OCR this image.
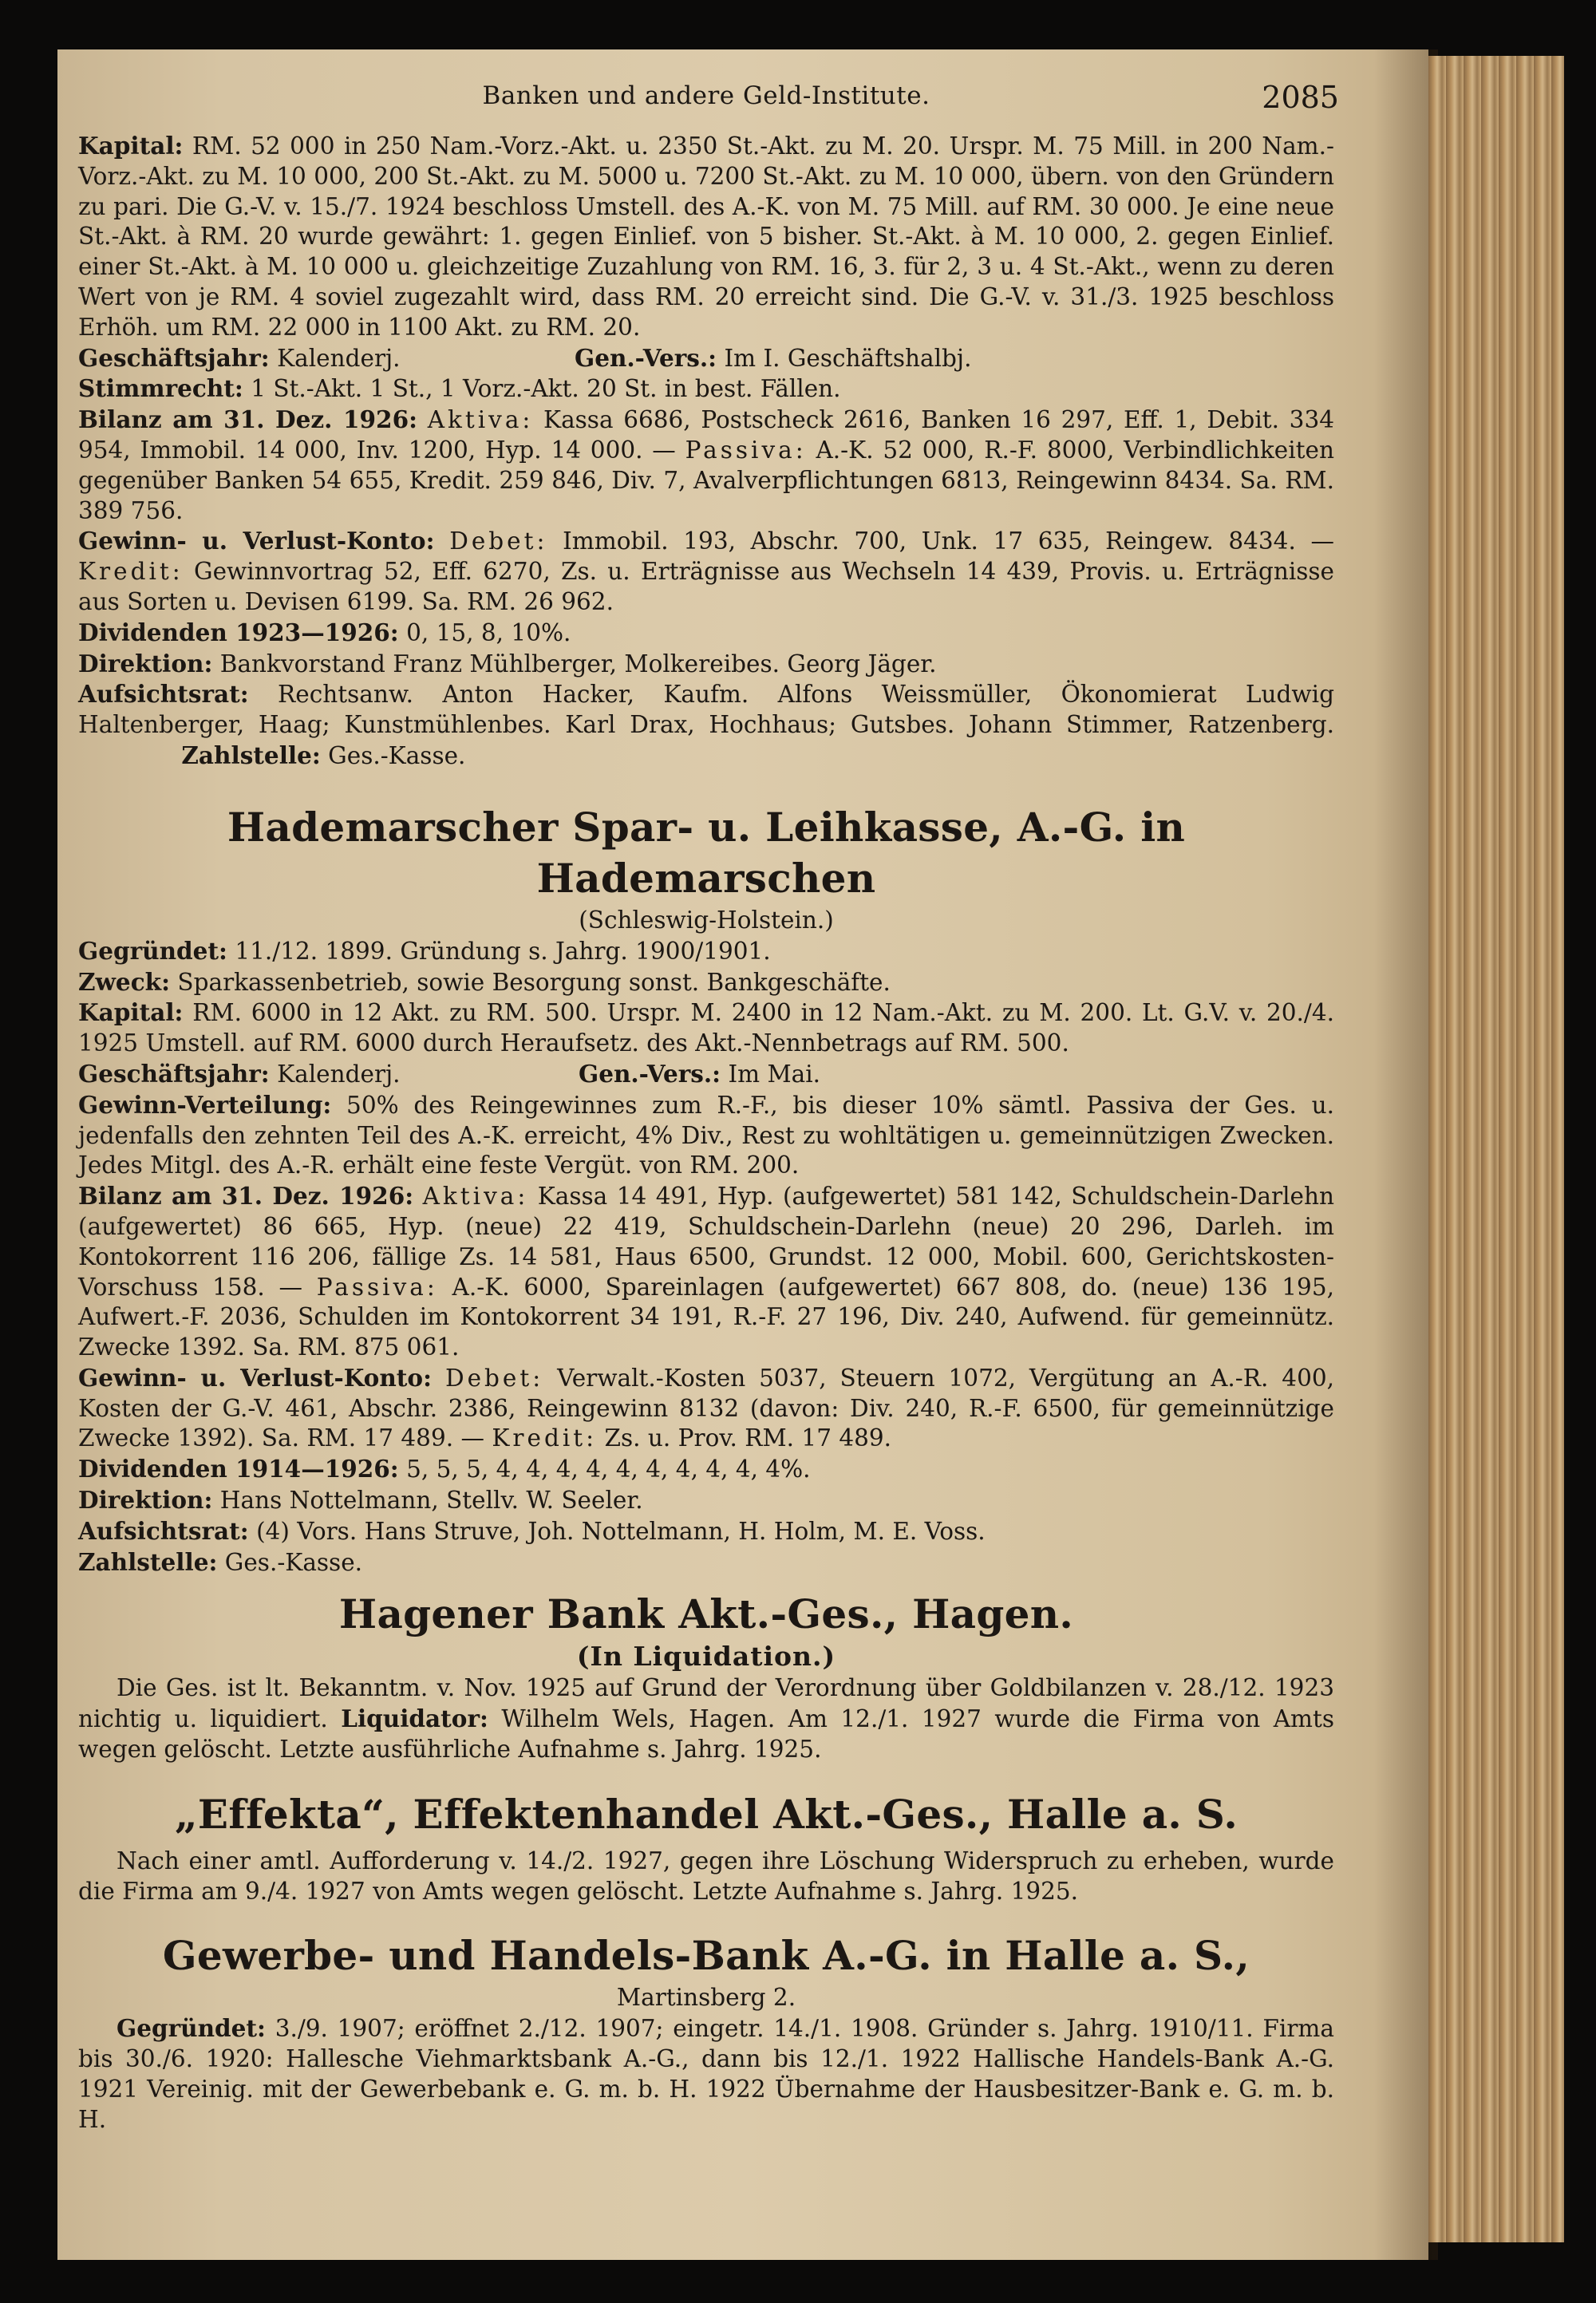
Banken und andere Geld-Institute.	2085

Kapital: RM. 52 000 in 250 Nam.-Vorz.-Akt. u. 2350 St.-Akt. zu M. 20. Urspr. M. 75 Mill. in 200 Nam.-Vorz.-Akt. zu M. 10 000, 200 St.-Akt. zu M. 5000 u. 7200 St.-Akt. zu M. 10 000, übern. von den Gründern zu pari. Die G.-V. v. 15./7. 1924 beschloss Umstell. des A.-K. von M. 75 Mill. auf RM. 30 000. Je eine neue St.-Akt. à RM. 20 wurde gewährt: 1. gegen Einlief. von 5 bisher. St.-Akt. à M. 10 000, 2. gegen Einlief. einer St.-Akt. à M. 10 000 u. gleichzeitige Zuzahlung von RM. 16, 3. für 2, 3 u. 4 St.-Akt., wenn zu deren Wert von je RM. 4 soviel zugezahlt wird, dass RM. 20 erreicht sind. Die G.-V. v. 31./3. 1925 beschloss Erhöh. um RM. 22 000 in 1100 Akt. zu RM. 20.

Geschäftsjahr: Kalenderj.	Gen.-Vers.: Im I. Geschäftshalbj.

Stimmrecht: 1 St.-Akt. 1 St., 1 Vorz.-Akt. 20 St. in best. Fällen.

Bilanz am 31. Dez. 1926: Aktiva: Kassa 6686, Postscheck 2616, Banken 16 297, Eff. 1, Debit. 334 954, Immobil. 14 000, Inv. 1200, Hyp. 14 000. — Passiva: A.-K. 52 000, R.-F. 8000, Verbindlichkeiten gegenüber Banken 54 655, Kredit. 259 846, Div. 7, Avalverpflichtungen 6813, Reingewinn 8434. Sa. RM. 389 756.

Gewinn- u. Verlust-Konto: Debet: Immobil. 193, Abschr. 700, Unk. 17 635, Reingew. 8434. — Kredit: Gewinnvortrag 52, Eff. 6270, Zs. u. Erträgnisse aus Wechseln 14 439, Provis. u. Erträgnisse aus Sorten u. Devisen 6199. Sa. RM. 26 962.

Dividenden 1923—1926: 0, 15, 8, 10%.

Direktion: Bankvorstand Franz Mühlberger, Molkereibes. Georg Jäger.

Aufsichtsrat: Rechtsanw. Anton Hacker, Kaufm. Alfons Weissmüller, Ökonomierat Ludwig Haltenberger, Haag; Kunstmühlenbes. Karl Drax, Hochhaus; Gutsbes. Johann Stimmer, Ratzenberg.  Zahlstelle: Ges.-Kasse.

Hademarscher Spar- u. Leihkasse, A.-G. in Hademarschen
(Schleswig-Holstein.)

Gegründet: 11./12. 1899. Gründung s. Jahrg. 1900/1901.

Zweck: Sparkassenbetrieb, sowie Besorgung sonst. Bankgeschäfte.

Kapital: RM. 6000 in 12 Akt. zu RM. 500. Urspr. M. 2400 in 12 Nam.-Akt. zu M. 200. Lt. G.V. v. 20./4. 1925 Umstell. auf RM. 6000 durch Heraufsetz. des Akt.-Nennbetrags auf RM. 500.

Geschäftsjahr: Kalenderj.	Gen.-Vers.: Im Mai.

Gewinn-Verteilung: 50% des Reingewinnes zum R.-F., bis dieser 10% sämtl. Passiva der Ges. u. jedenfalls den zehnten Teil des A.-K. erreicht, 4% Div., Rest zu wohltätigen u. gemeinnützigen Zwecken. Jedes Mitgl. des A.-R. erhält eine feste Vergüt. von RM. 200.

Bilanz am 31. Dez. 1926: Aktiva: Kassa 14 491, Hyp. (aufgewertet) 581 142, Schuldschein-Darlehn (aufgewertet) 86 665, Hyp. (neue) 22 419, Schuldschein-Darlehn (neue) 20 296, Darleh. im Kontokorrent 116 206, fällige Zs. 14 581, Haus 6500, Grundst. 12 000, Mobil. 600, Gerichtskosten-Vorschuss 158. — Passiva: A.-K. 6000, Spareinlagen (aufgewertet) 667 808, do. (neue) 136 195, Aufwert.-F. 2036, Schulden im Kontokorrent 34 191, R.-F. 27 196, Div. 240, Aufwend. für gemeinnütz. Zwecke 1392. Sa. RM. 875 061.

Gewinn- u. Verlust-Konto: Debet: Verwalt.-Kosten 5037, Steuern 1072, Vergütung an A.-R. 400, Kosten der G.-V. 461, Abschr. 2386, Reingewinn 8132 (davon: Div. 240, R.-F. 6500, für gemeinnützige Zwecke 1392). Sa. RM. 17 489. — Kredit: Zs. u. Prov. RM. 17 489.

Dividenden 1914—1926: 5, 5, 5, 4, 4, 4, 4, 4, 4, 4, 4, 4, 4%.

Direktion: Hans Nottelmann, Stellv. W. Seeler.

Aufsichtsrat: (4) Vors. Hans Struve, Joh. Nottelmann, H. Holm, M. E. Voss.

Zahlstelle: Ges.-Kasse.

Hagener Bank Akt.-Ges., Hagen.
(In Liquidation.)

Die Ges. ist lt. Bekanntm. v. Nov. 1925 auf Grund der Verordnung über Goldbilanzen v. 28./12. 1923 nichtig u. liquidiert. Liquidator: Wilhelm Wels, Hagen. Am 12./1. 1927 wurde die Firma von Amts wegen gelöscht. Letzte ausführliche Aufnahme s. Jahrg. 1925.

„Effekta“, Effektenhandel Akt.-Ges., Halle a. S.

Nach einer amtl. Aufforderung v. 14./2. 1927, gegen ihre Löschung Widerspruch zu erheben, wurde die Firma am 9./4. 1927 von Amts wegen gelöscht. Letzte Aufnahme s. Jahrg. 1925.

Gewerbe- und Handels-Bank A.-G. in Halle a. S.,
Martinsberg 2.

Gegründet: 3./9. 1907; eröffnet 2./12. 1907; eingetr. 14./1. 1908. Gründer s. Jahrg. 1910/11. Firma bis 30./6. 1920: Hallesche Viehmarktsbank A.-G., dann bis 12./1. 1922 Hallische Handels-Bank A.-G. 1921 Vereinig. mit der Gewerbebank e. G. m. b. H. 1922 Übernahme der Hausbesitzer-Bank e. G. m. b. H.
